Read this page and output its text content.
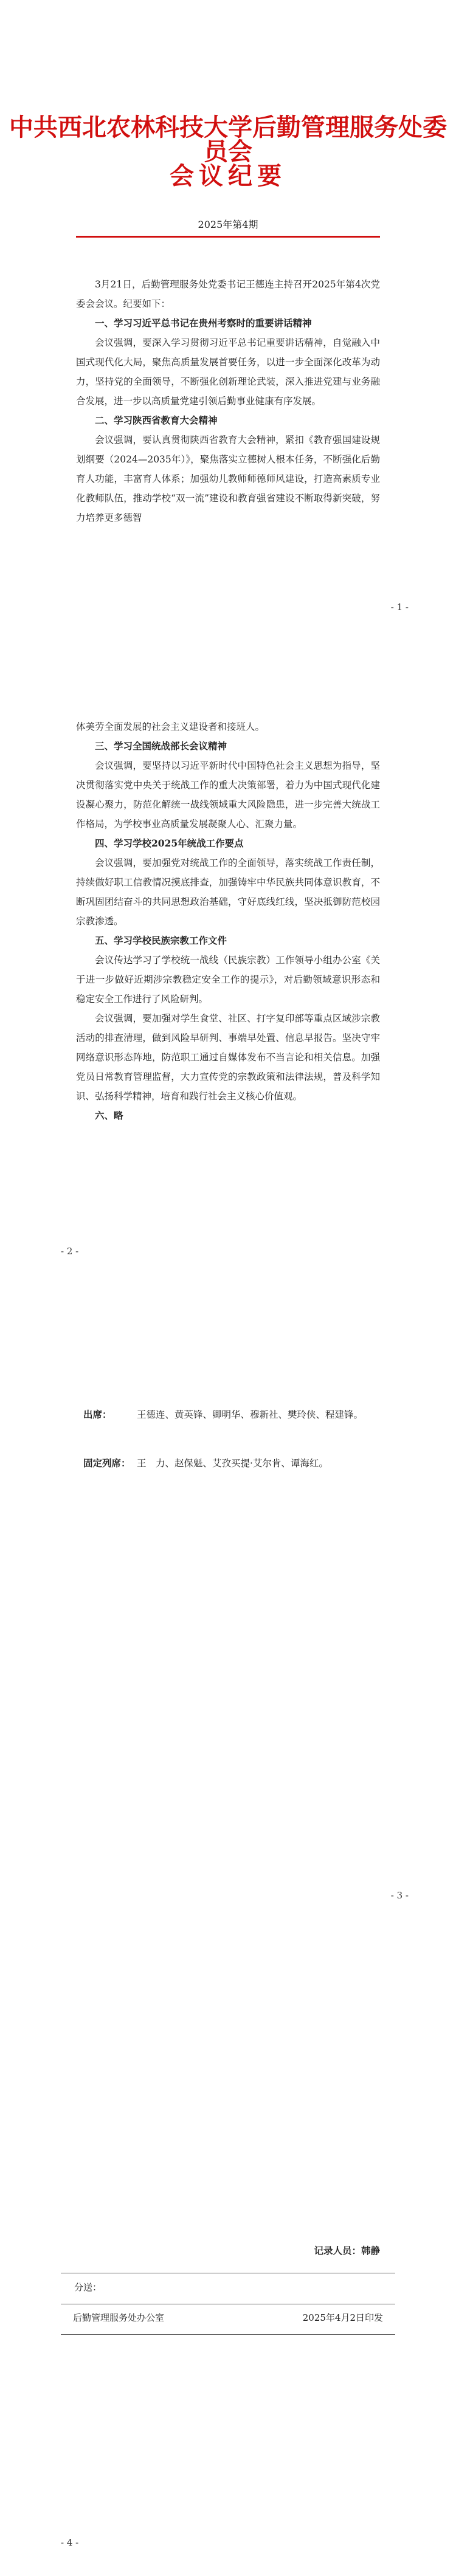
中共西北农林科技大学后勤管理服务处委员会
会议纪要
2025年第4期

3月21日，后勤管理服务处党委书记王德连主持召开2025年第4次党委会会议。纪要如下：

一、学习习近平总书记在贵州考察时的重要讲话精神

会议强调，要深入学习贯彻习近平总书记重要讲话精神，自觉融入中国式现代化大局，聚焦高质量发展首要任务，以进一步全面深化改革为动力，坚持党的全面领导，不断强化创新理论武装，深入推进党建与业务融合发展，进一步以高质量党建引领后勤事业健康有序发展。

二、学习陕西省教育大会精神

会议强调，要认真贯彻陕西省教育大会精神，紧扣《教育强国建设规划纲要（2024—2035年）》，聚焦落实立德树人根本任务，不断强化后勤育人功能，丰富育人体系；加强幼儿教师师德师风建设，打造高素质专业化教师队伍，推动学校“双一流”建设和教育强省建设不断取得新突破，努力培养更多德智

- 1 -

体美劳全面发展的社会主义建设者和接班人。

三、学习全国统战部长会议精神

会议强调，要坚持以习近平新时代中国特色社会主义思想为指导，坚决贯彻落实党中央关于统战工作的重大决策部署，着力为中国式现代化建设凝心聚力，防范化解统一战线领域重大风险隐患，进一步完善大统战工作格局，为学校事业高质量发展凝聚人心、汇聚力量。

四、学习学校2025年统战工作要点

会议强调，要加强党对统战工作的全面领导，落实统战工作责任制，持续做好职工信教情况摸底排查，加强铸牢中华民族共同体意识教育，不断巩固团结奋斗的共同思想政治基础，守好底线红线，坚决抵御防范校园宗教渗透。

五、学习学校民族宗教工作文件

会议传达学习了学校统一战线（民族宗教）工作领导小组办公室《关于进一步做好近期涉宗教稳定安全工作的提示》，对后勤领域意识形态和稳定安全工作进行了风险研判。

会议强调，要加强对学生食堂、社区、打字复印部等重点区域涉宗教活动的排查清理，做到风险早研判、事端早处置、信息早报告。坚决守牢网络意识形态阵地，防范职工通过自媒体发布不当言论和相关信息。加强党员日常教育管理监督，大力宣传党的宗教政策和法律法规，普及科学知识、弘扬科学精神，培育和践行社会主义核心价值观。

六、略
- 2 -
出席：	王德连、黄英锋、卿明华、穆新社、樊玲侠、程建锋。
固定列席： 王　力、赵保魁、艾孜买提·艾尔肯、谭海红。
- 3 -
记录人员：韩静
分送：
后勤管理服务处办公室	2025年4月2日印发
- 4 -
